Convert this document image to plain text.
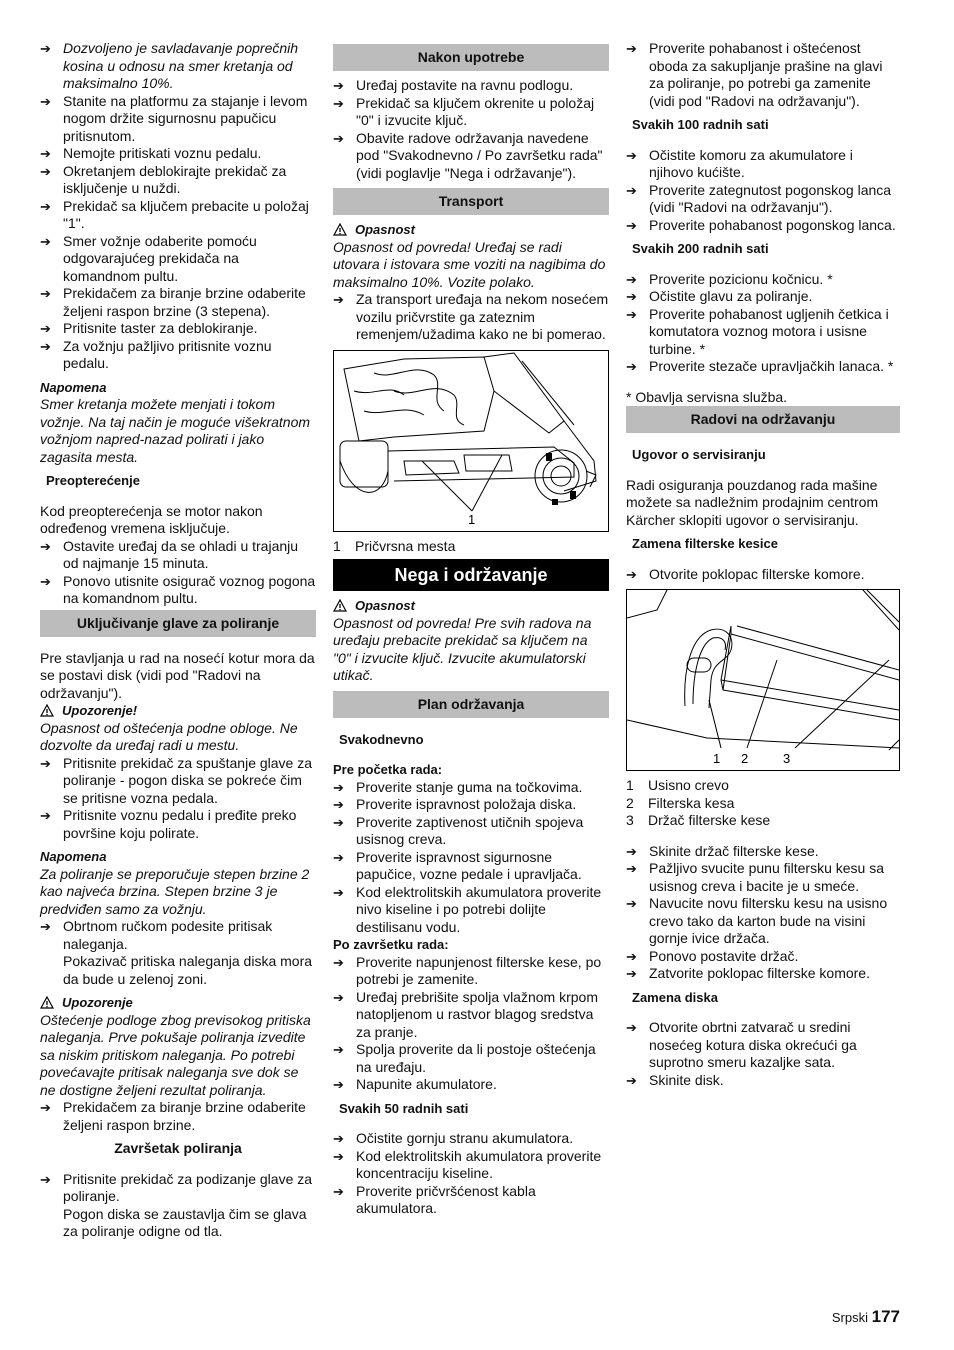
➔ Dozvoljeno je savladavanje poprečnih kosina u odnosu na smer kretanja od maksimalno 10%.
➔ Stanite na platformu za stajanje i levom nogom držite sigurnosnu papučicu pritisnutom.
➔ Nemojte pritiskati voznu pedalu.
➔ Okretanjem deblokirajte prekidač za isključenje u nuždi.
➔ Prekidač sa ključem prebacite u položaj "1".
➔ Smer vožnje odaberite pomoću odgovarajućeg prekidača na komandnom pultu.
➔ Prekidačem za biranje brzine odaberite željeni raspon brzine (3 stepena).
➔ Pritisnite taster za deblokiranje.
➔ Za vožnju pažljivo pritisnite voznu pedalu.

Napomena

Smer kretanja možete menjati i tokom vožnje. Na taj način je moguće višekratnom vožnjom napred-nazad polirati i jako zagasita mesta.

Preopterećenje

Kod preopterećenja se motor nakon određenog vremena isključuje.

➔ Ostavite uređaj da se ohladi u trajanju od najmanje 15 minuta.
➔ Ponovo utisnite osigurač voznog pogona na komandnom pultu.
Uključivanje glave za poliranje

Pre stavljanja u rad na nosećí kotur mora da se postavi disk (vidi pod "Radovi na održavanju").

Upozorenje!

Opasnost od oštećenja podne obloge. Ne dozvolte da uređaj radi u mestu.

➔ Pritisnite prekidač za spuštanje glave za poliranje - pogon diska se pokreće čim se pritisne vozna pedala.
➔ Pritisnite voznu pedalu i pređite preko površine koju polirate.

Napomena

Za poliranje se preporučuje stepen brzine 2 kao najveća brzina. Stepen brzine 3 je predviđen samo za vožnju.

➔ Obrtnom ručkom podesite pritisak naleganja.

Pokazivač pritiska naleganja diska mora da bude u zelenoj zoni.

Upozorenje

Oštećenje podloge zbog previsokog pritiska naleganja. Prve pokušaje poliranja izvedite sa niskim pritiskom naleganja. Po potrebi povećavajte pritisak naleganja sve dok se ne dostigne željeni rezultat poliranja.

➔ Prekidačem za biranje brzine odaberite željeni raspon brzine.

Završetak poliranja

➔ Pritisnite prekidač za podizanje glave za poliranje.

Pogon diska se zaustavlja čim se glava za poliranje odigne od tla.

Nakon upotrebe
➔ Uređaj postavite na ravnu podlogu.
➔ Prekidač sa ključem okrenite u položaj "0" i izvucite ključ.
➔ Obavite radove održavanja navedene pod "Svakodnevno / Po završetku rada" (vidi poglavlje "Nega i održavanje").
Transport
Opasnost

Opasnost od povreda! Uređaj se radi utovara i istovara sme voziti na nagibima do maksimalno 10%. Vozite polako.

➔ Za transport uređaja na nekom nosećem vozilu pričvrstite ga zateznim remenjem/užadima kako ne bi pomerao.
1
1	Pričvrsna mesta
Nega i održavanje
Opasnost

Opasnost od povreda! Pre svih radova na uređaju prebacite prekidač sa ključem na "0" i izvucite ključ. Izvucite akumulatorski utikač.

Plan održavanja

Svakodnevno

Pre početka rada:

➔ Proverite stanje guma na točkovima.
➔ Proverite ispravnost položaja diska.
➔ Proverite zaptivenost utičnih spojeva usisnog creva.
➔ Proverite ispravnost sigurnosne papučice, vozne pedale i upravljača.
➔ Kod elektrolitskih akumulatora proverite nivo kiseline i po potrebi dolijte destilisanu vodu.

Po završetku rada:

➔ Proverite napunjenost filterske kese, po potrebi je zamenite.
➔ Uređaj prebrišite spolja vlažnom krpom natopljenom u rastvor blagog sredstva za pranje.
➔ Spolja proverite da li postoje oštećenja na uređaju.
➔ Napunite akumulatore.

Svakih 50 radnih sati

➔ Očistite gornju stranu akumulatora.
➔ Kod elektrolitskih akumulatora proverite koncentraciju kiseline.
➔ Proverite pričvršćenost kabla akumulatora.
➔ Proverite pohabanost i oštećenost oboda za sakupljanje prašine na glavi za poliranje, po potrebi ga zamenite (vidi pod "Radovi na održavanju").

Svakih 100 radnih sati

➔ Očistite komoru za akumulatore i njihovo kućište.
➔ Proverite zategnutost pogonskog lanca (vidi "Radovi na održavanju").
➔ Proverite pohabanost pogonskog lanca.

Svakih 200 radnih sati

➔ Proverite pozicionu kočnicu. *
➔ Očistite glavu za poliranje.
➔ Proverite pohabanost ugljenih četkica i komutatora voznog motora i usisne turbine. *
➔ Proverite stezače upravljačkih lanaca. *

* Obavlja servisna služba.

Radovi na održavanju

Ugovor o servisiranju

Radi osiguranja pouzdanog rada mašine možete sa nadležnim prodajnim centrom Kärcher sklopiti ugovor o servisiranju.

Zamena filterske kesice

➔ Otvorite poklopac filterske komore.
1 2	3
1	Usisno crevo
2	Filterska kesa
3	Držač filterske kese
➔ Skinite držač filterske kese.
➔ Pažljivo svucite punu filtersku kesu sa usisnog creva i bacite je u smeće.
➔ Navucite novu filtersku kesu na usisno crevo tako da karton bude na visini gornje ivice držača.
➔ Ponovo postavite držač.
➔ Zatvorite poklopac filterske komore.

Zamena diska

➔ Otvorite obrtni zatvarač u sredini nosećeg kotura diska okrećući ga suprotno smeru kazaljke sata.
➔ Skinite disk.
Srpski 177
